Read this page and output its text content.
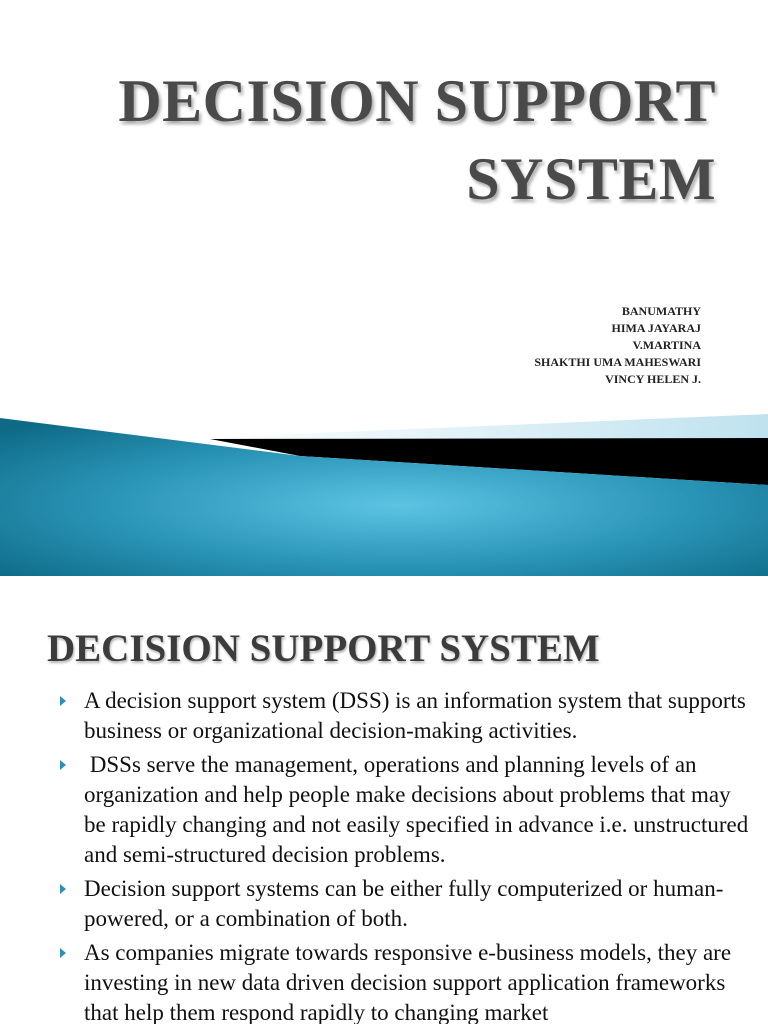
DECISION SUPPORT
SYSTEM
BANUMATHY
HIMA JAYARAJ
V.MARTINA
SHAKTHI UMA MAHESWARI
VINCY HELEN J.
DECISION SUPPORT SYSTEM
A decision support system (DSS) is an information system that supports business or organizational decision-making activities.
DSSs serve the management, operations and planning levels of an organization and help people make decisions about problems that may be rapidly changing and not easily specified in advance i.e. unstructured and semi-structured decision problems.
Decision support systems can be either fully computerized or human-powered, or a combination of both.
As companies migrate towards responsive e-business models, they are investing in new data driven decision support application frameworks that help them respond rapidly to changing market
